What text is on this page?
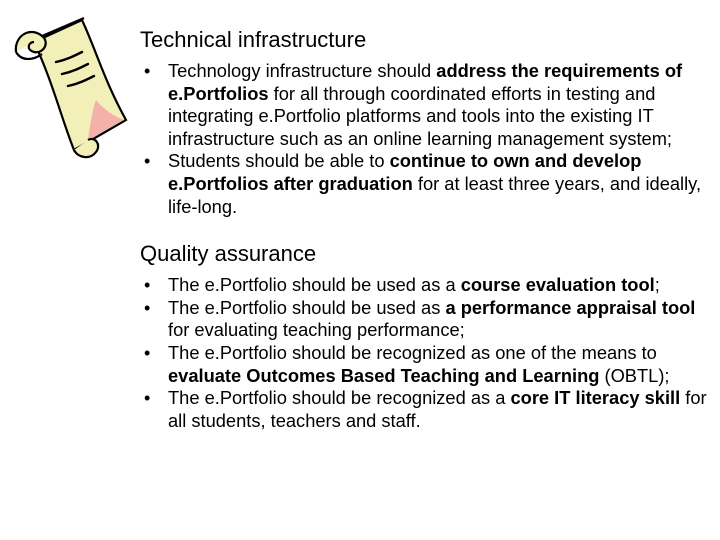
Technical infrastructure
• Technology infrastructure should address the requirements of e.Portfolios for all through coordinated efforts in testing and integrating e.Portfolio platforms and tools into the existing IT infrastructure such as an online learning management system;
• Students should be able to continue to own and develop e.Portfolios after graduation for at least three years, and ideally, life-long.
Quality assurance
• The e.Portfolio should be used as a course evaluation tool;
• The e.Portfolio should be used as a performance appraisal tool for evaluating teaching performance;
• The e.Portfolio should be recognized as one of the means to evaluate Outcomes Based Teaching and Learning (OBTL);
• The e.Portfolio should be recognized as a core IT literacy skill for all students, teachers and staff.
